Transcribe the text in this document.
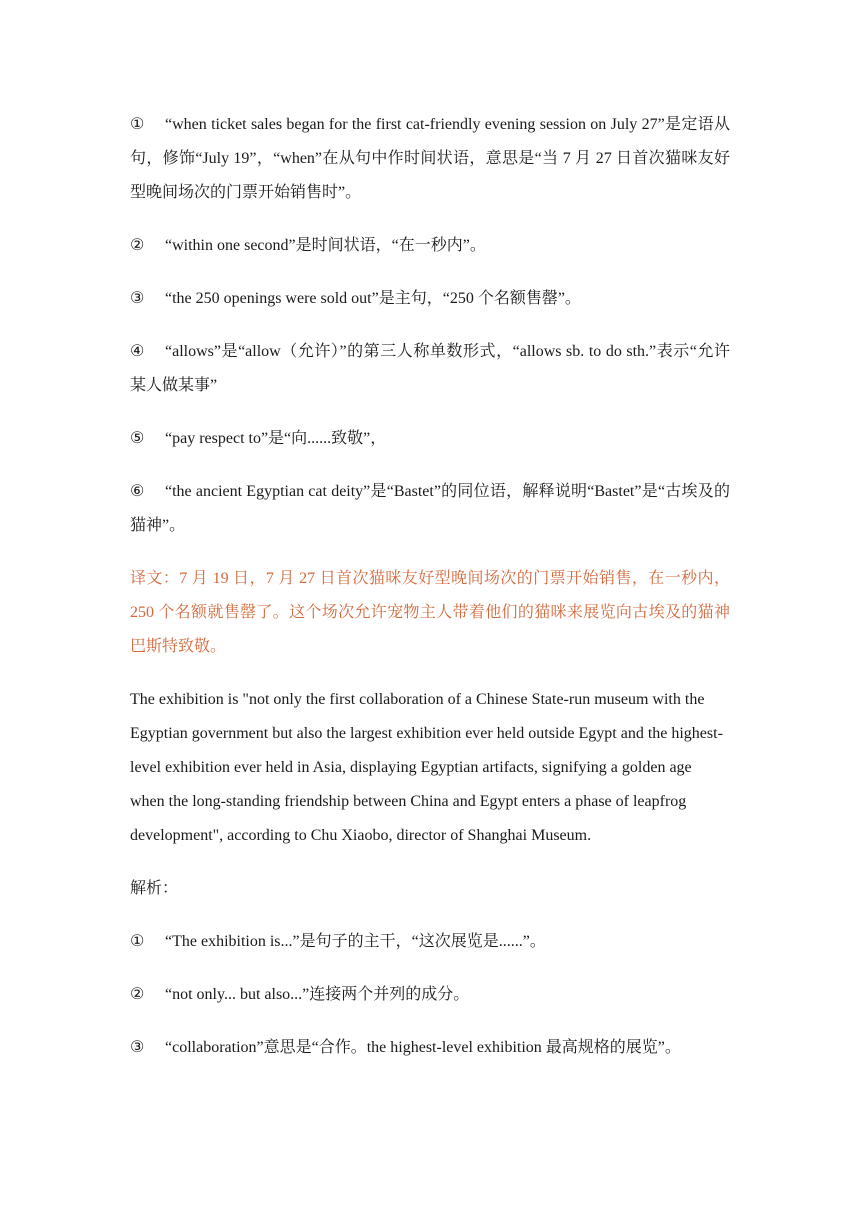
① “when ticket sales began for the first cat-friendly evening session on July 27”是定语从句，修饰“July 19”，“when”在从句中作时间状语，意思是“当 7 月 27 日首次猫咪友好型晚间场次的门票开始销售时”。
② “within one second”是时间状语，“在一秒内”。
③ “the 250 openings were sold out”是主句，“250 个名额售罄”。
④ “allows”是“allow（允许）”的第三人称单数形式，“allows sb. to do sth.”表示“允许某人做某事”
⑤ “pay respect to”是“向......致敬”，
⑥ “the ancient Egyptian cat deity”是“Bastet”的同位语，解释说明“Bastet”是“古埃及的猫神”。
译文：7 月 19 日，7 月 27 日首次猫咪友好型晚间场次的门票开始销售，在一秒内，250 个名额就售罄了。这个场次允许宠物主人带着他们的猫咪来展览向古埃及的猫神巴斯特致敬。
The exhibition is "not only the first collaboration of a Chinese State-run museum with the Egyptian government but also the largest exhibition ever held outside Egypt and the highest-level exhibition ever held in Asia, displaying Egyptian artifacts, signifying a golden age when the long-standing friendship between China and Egypt enters a phase of leapfrog development", according to Chu Xiaobo, director of Shanghai Museum.
解析：
① “The exhibition is...”是句子的主干，“这次展览是......”。
② “not only... but also...”连接两个并列的成分。
③ “collaboration”意思是“合作。the highest-level exhibition 最高规格的展览”。
